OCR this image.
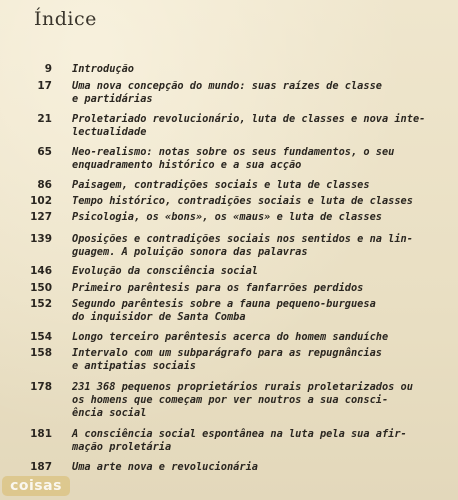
Índice
9 Introdução
17 Uma nova concepção do mundo: suas raízes de classe
e partidárias
21 Proletariado revolucionário, luta de classes e nova inte-
lectualidade
65 Neo-realismo: notas sobre os seus fundamentos, o seu
enquadramento histórico e a sua acção
86 Paisagem, contradições sociais e luta de classes
102 Tempo histórico, contradições sociais e luta de classes
127 Psicologia, os «bons», os «maus» e luta de classes
139 Oposições e contradições sociais nos sentidos e na lin-
guagem. A poluição sonora das palavras
146 Evolução da consciência social
150 Primeiro parêntesis para os fanfarrões perdidos
152 Segundo parêntesis sobre a fauna pequeno-burguesa
do inquisidor de Santa Comba
154 Longo terceiro parêntesis acerca do homem sanduíche
158 Intervalo com um subparágrafo para as repugnâncias
e antipatias sociais
178 231 368 pequenos proprietários rurais proletarizados ou
os homens que começam por ver noutros a sua consci-
ência social
181 A consciência social espontânea na luta pela sua afir-
mação proletária
187 Uma arte nova e revolucionária
coisas
